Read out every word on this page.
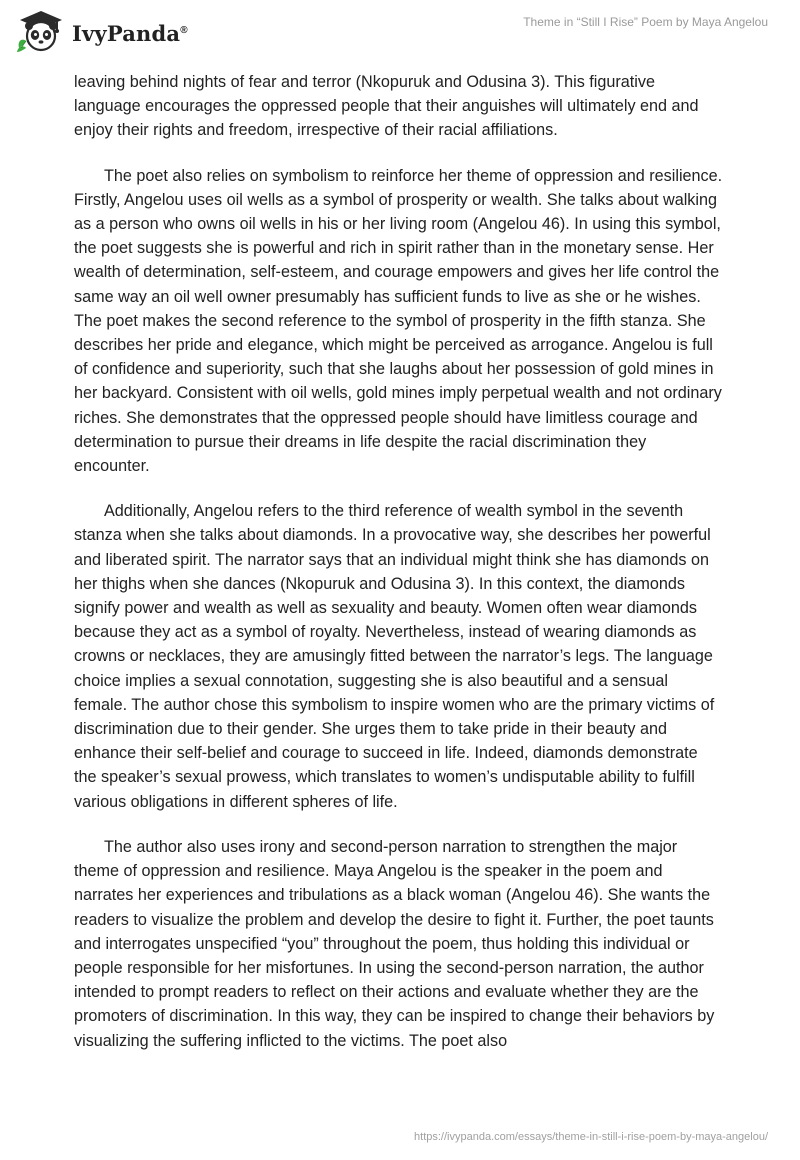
IvyPanda®
Theme in “Still I Rise” Poem by Maya Angelou

leaving behind nights of fear and terror (Nkopuruk and Odusina 3). This figurative language encourages the oppressed people that their anguishes will ultimately end and enjoy their rights and freedom, irrespective of their racial affiliations.

The poet also relies on symbolism to reinforce her theme of oppression and resilience. Firstly, Angelou uses oil wells as a symbol of prosperity or wealth. She talks about walking as a person who owns oil wells in his or her living room (Angelou 46). In using this symbol, the poet suggests she is powerful and rich in spirit rather than in the monetary sense. Her wealth of determination, self-esteem, and courage empowers and gives her life control the same way an oil well owner presumably has sufficient funds to live as she or he wishes. The poet makes the second reference to the symbol of prosperity in the fifth stanza. She describes her pride and elegance, which might be perceived as arrogance. Angelou is full of confidence and superiority, such that she laughs about her possession of gold mines in her backyard. Consistent with oil wells, gold mines imply perpetual wealth and not ordinary riches. She demonstrates that the oppressed people should have limitless courage and determination to pursue their dreams in life despite the racial discrimination they encounter.

Additionally, Angelou refers to the third reference of wealth symbol in the seventh stanza when she talks about diamonds. In a provocative way, she describes her powerful and liberated spirit. The narrator says that an individual might think she has diamonds on her thighs when she dances (Nkopuruk and Odusina 3). In this context, the diamonds signify power and wealth as well as sexuality and beauty. Women often wear diamonds because they act as a symbol of royalty. Nevertheless, instead of wearing diamonds as crowns or necklaces, they are amusingly fitted between the narrator’s legs. The language choice implies a sexual connotation, suggesting she is also beautiful and a sensual female. The author chose this symbolism to inspire women who are the primary victims of discrimination due to their gender. She urges them to take pride in their beauty and enhance their self-belief and courage to succeed in life. Indeed, diamonds demonstrate the speaker’s sexual prowess, which translates to women’s undisputable ability to fulfill various obligations in different spheres of life.

The author also uses irony and second-person narration to strengthen the major theme of oppression and resilience. Maya Angelou is the speaker in the poem and narrates her experiences and tribulations as a black woman (Angelou 46). She wants the readers to visualize the problem and develop the desire to fight it. Further, the poet taunts and interrogates unspecified “you” throughout the poem, thus holding this individual or people responsible for her misfortunes. In using the second-person narration, the author intended to prompt readers to reflect on their actions and evaluate whether they are the promoters of discrimination. In this way, they can be inspired to change their behaviors by visualizing the suffering inflicted to the victims. The poet also

https://ivypanda.com/essays/theme-in-still-i-rise-poem-by-maya-angelou/
